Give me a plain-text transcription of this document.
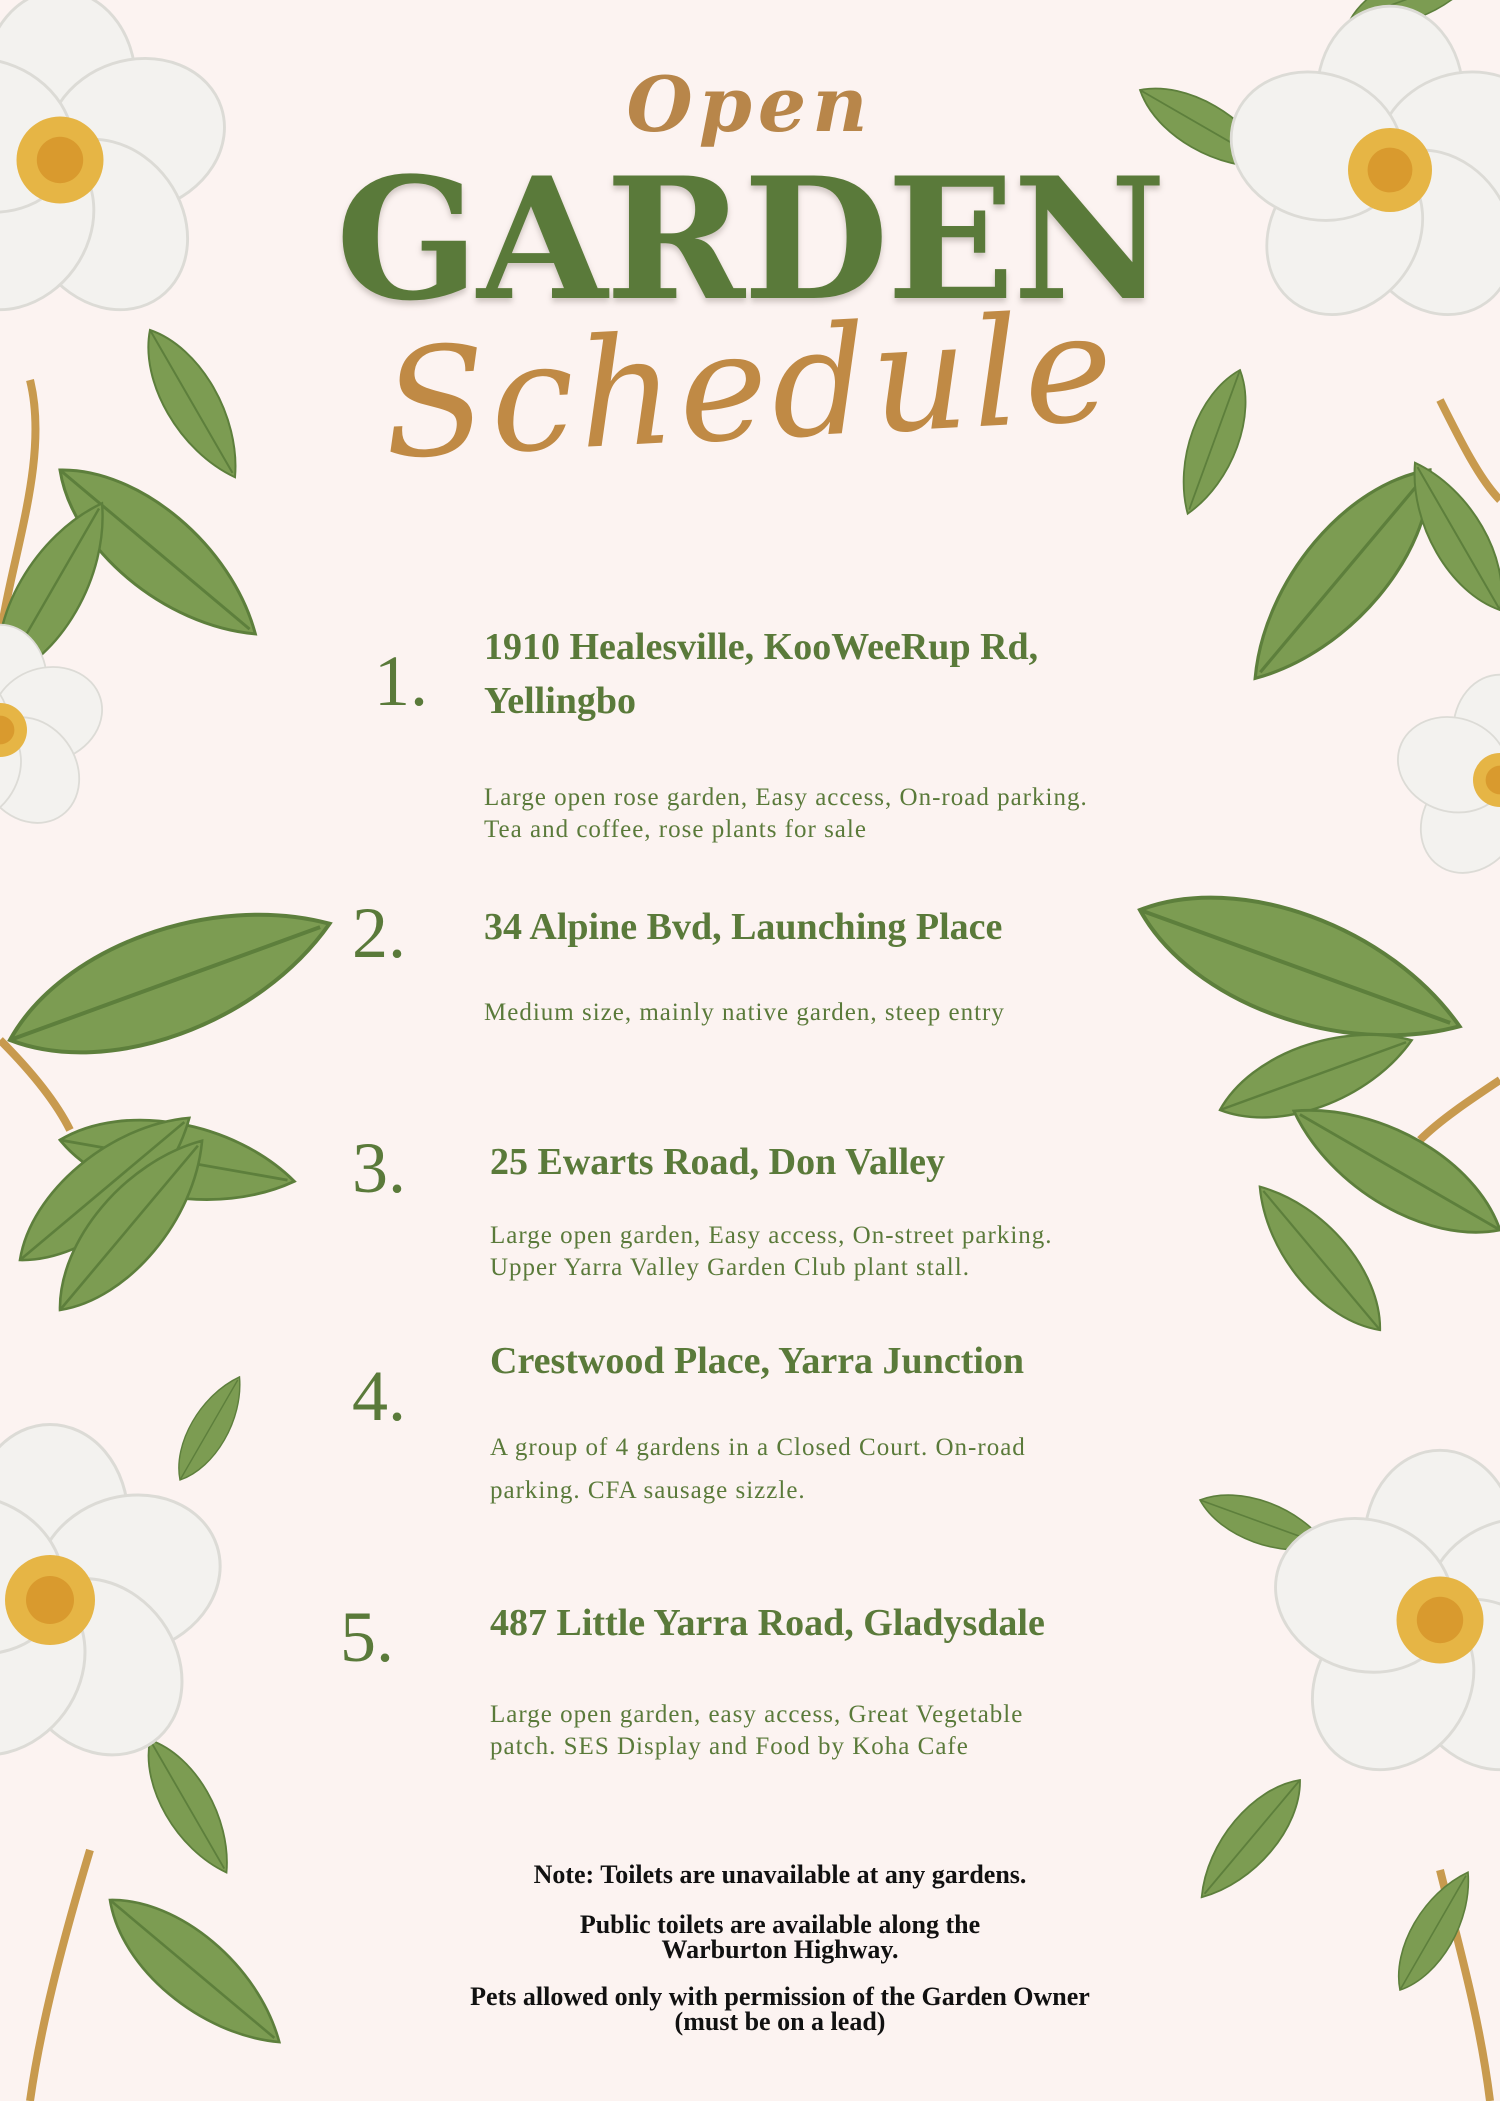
Open
GARDEN
Schedule
1. 1910 Healesville, KooWeeRup Rd,
Yellingbo
Large open rose garden, Easy access, On-road parking.
Tea and coffee, rose plants for sale
2. 34 Alpine Bvd, Launching Place
Medium size, mainly native garden, steep entry
3. 25 Ewarts Road, Don Valley
Large open garden, Easy access, On-street parking.
Upper Yarra Valley Garden Club plant stall.
4. Crestwood Place, Yarra Junction
A group of 4 gardens in a Closed Court. On-road
parking. CFA sausage sizzle.
5.	487 Little Yarra Road, Gladysdale
Large open garden, easy access, Great Vegetable
patch. SES Display and Food by Koha Cafe
Note: Toilets are unavailable at any gardens.
Public toilets are available along the
Warburton Highway.
Pets allowed only with permission of the Garden Owner
(must be on a lead)
